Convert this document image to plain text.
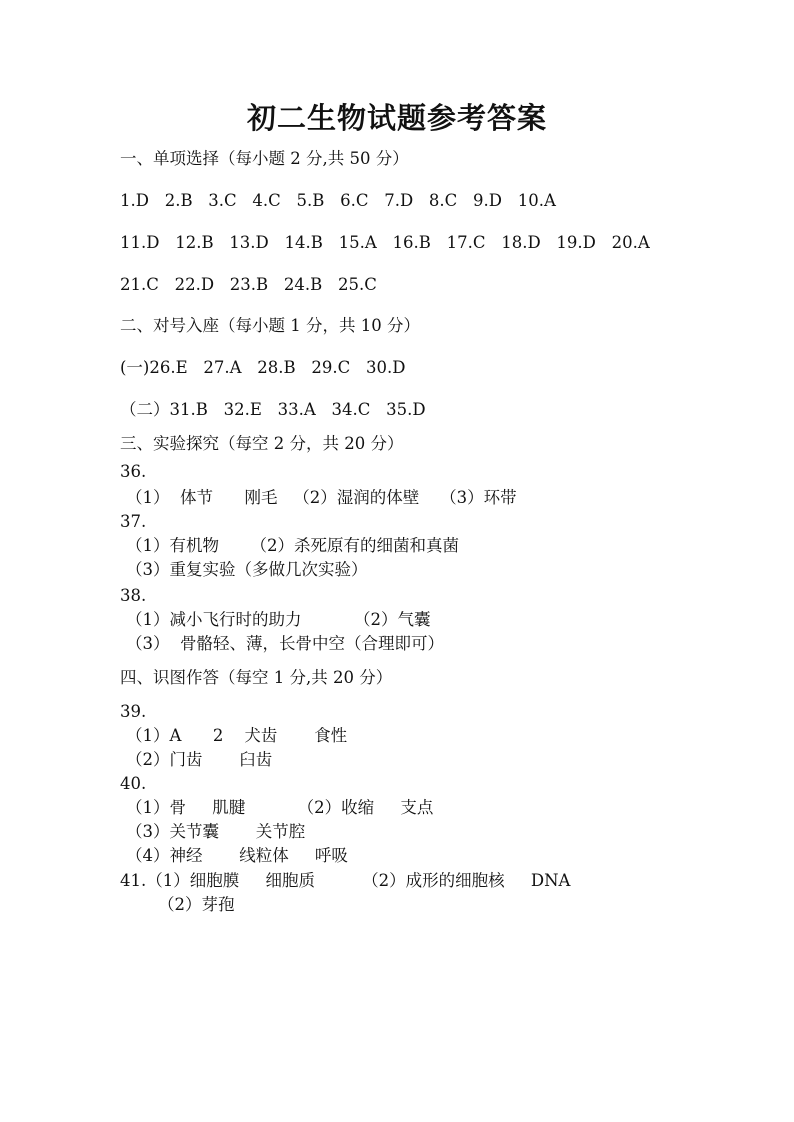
初二生物试题参考答案
一、单项选择（每小题 2 分,共 50 分）
1.D   2.B   3.C   4.C   5.B   6.C   7.D   8.C   9.D   10.A
11.D   12.B   13.D   14.B   15.A   16.B   17.C   18.D   19.D   20.A
21.C   22.D   23.B   24.B   25.C
二、对号入座（每小题 1 分，共 10 分）
(一)26.E   27.A   28.B   29.C   30.D
（二）31.B   32.E   33.A   34.C   35.D
三、实验探究（每空 2 分，共 20 分）
36.
（1）  体节      刚毛   （2）湿润的体壁    （3）环带
37.
（1）有机物      （2）杀死原有的细菌和真菌
（3）重复实验（多做几次实验）
38.
（1）减小飞行时的助力          （2）气囊
（3）  骨骼轻、薄，长骨中空（合理即可）
四、识图作答（每空 1 分,共 20 分）
39.
（1）A      2    犬齿       食性
（2）门齿       臼齿
40.
（1）骨     肌腱          （2）收缩     支点
（3）关节囊       关节腔
（4）神经       线粒体     呼吸
41.（1）细胞膜     细胞质         （2）成形的细胞核     DNA
（2）芽孢
